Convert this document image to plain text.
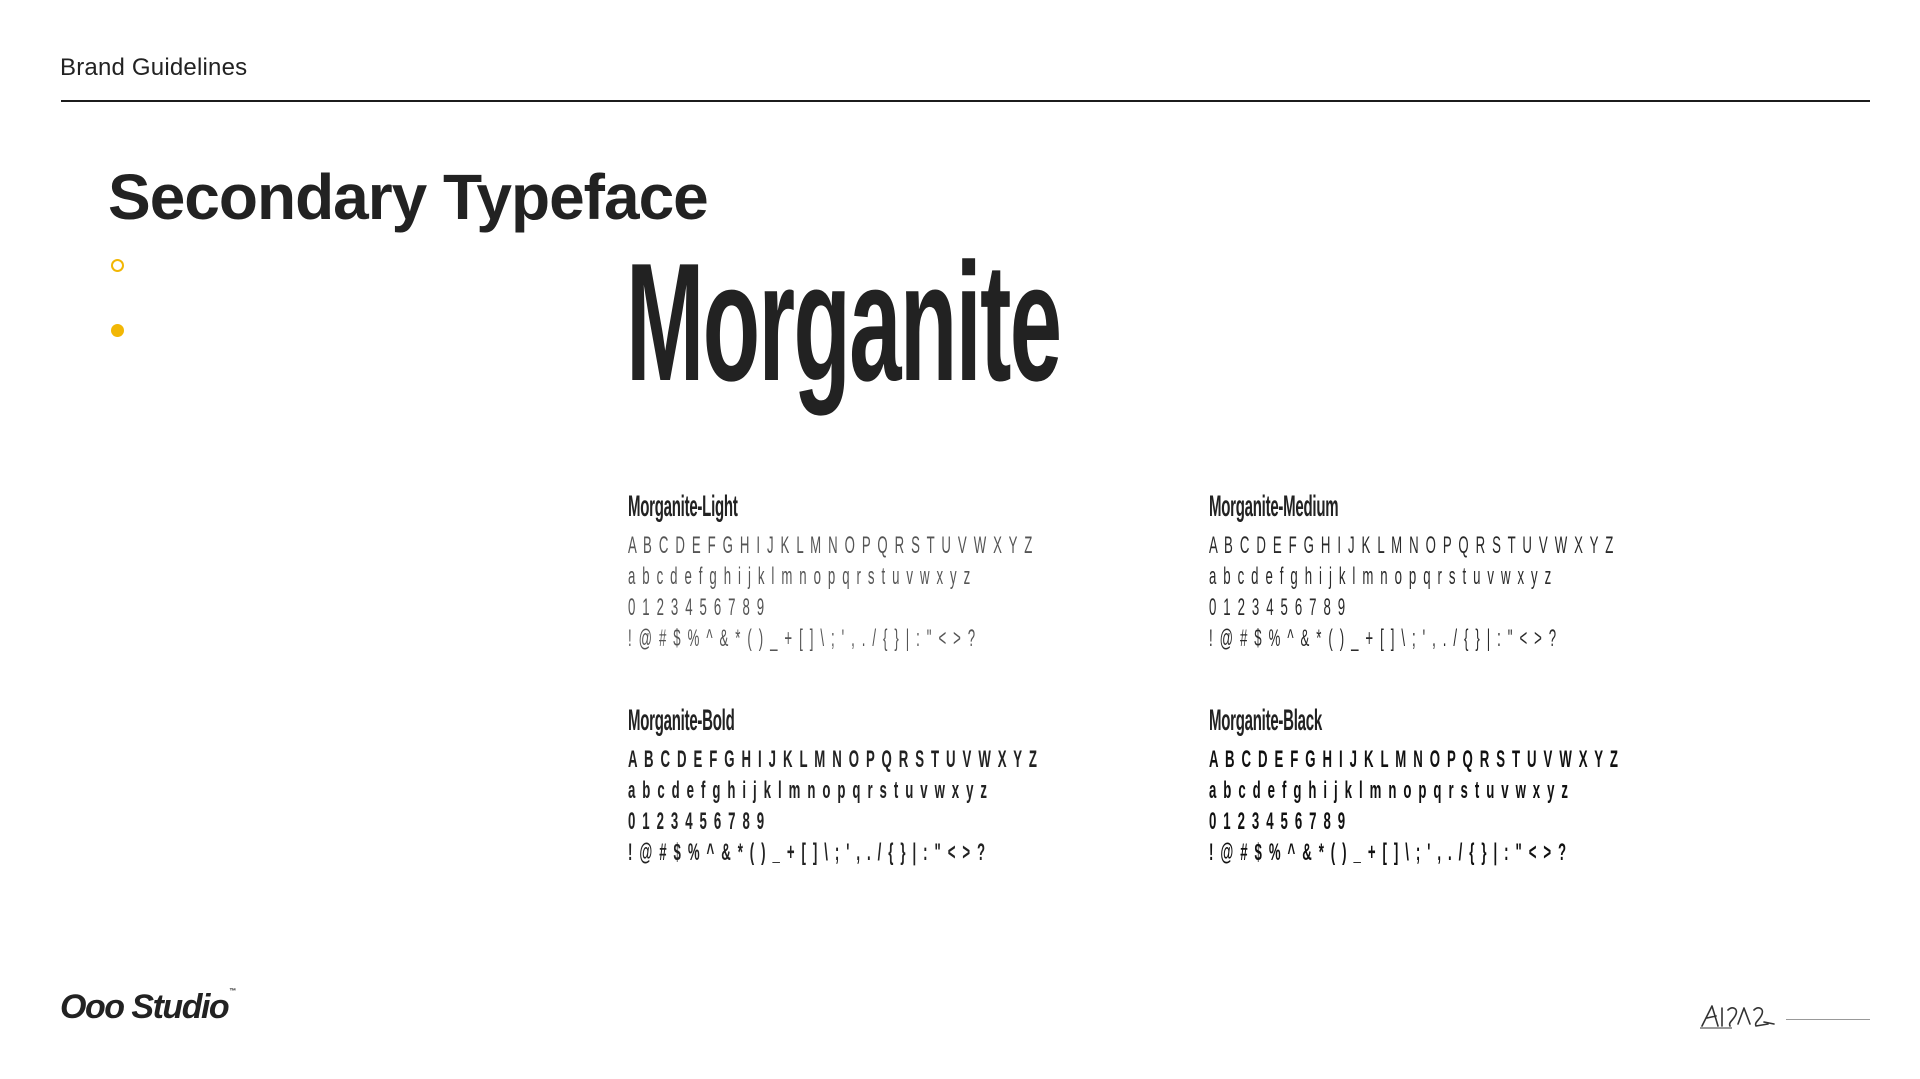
Brand Guidelines
Secondary Typeface
Morganite
Morganite-Light
A B C D E F G H I J K L M N O P Q R S T U V W X Y Z
a b c d e f g h i j k l m n o p q r s t u v w x y z
0 1 2 3 4 5 6 7 8 9
! @ # $ % ^ & * ( ) _ + [ ] \ ; ' , . / { } | : " < > ?
Morganite-Medium
A B C D E F G H I J K L M N O P Q R S T U V W X Y Z
a b c d e f g h i j k l m n o p q r s t u v w x y z
0 1 2 3 4 5 6 7 8 9
! @ # $ % ^ & * ( ) _ + [ ] \ ; ' , . / { } | : " < > ?
Morganite-Bold
A B C D E F G H I J K L M N O P Q R S T U V W X Y Z
a b c d e f g h i j k l m n o p q r s t u v w x y z
0 1 2 3 4 5 6 7 8 9
! @ # $ % ^ & * ( ) _ + [ ] \ ; ' , . / { } | : " < > ?
Morganite-Black
A B C D E F G H I J K L M N O P Q R S T U V W X Y Z
a b c d e f g h i j k l m n o p q r s t u v w x y z
0 1 2 3 4 5 6 7 8 9
! @ # $ % ^ & * ( ) _ + [ ] \ ; ' , . / { } | : " < > ?
Ooo Studio™
